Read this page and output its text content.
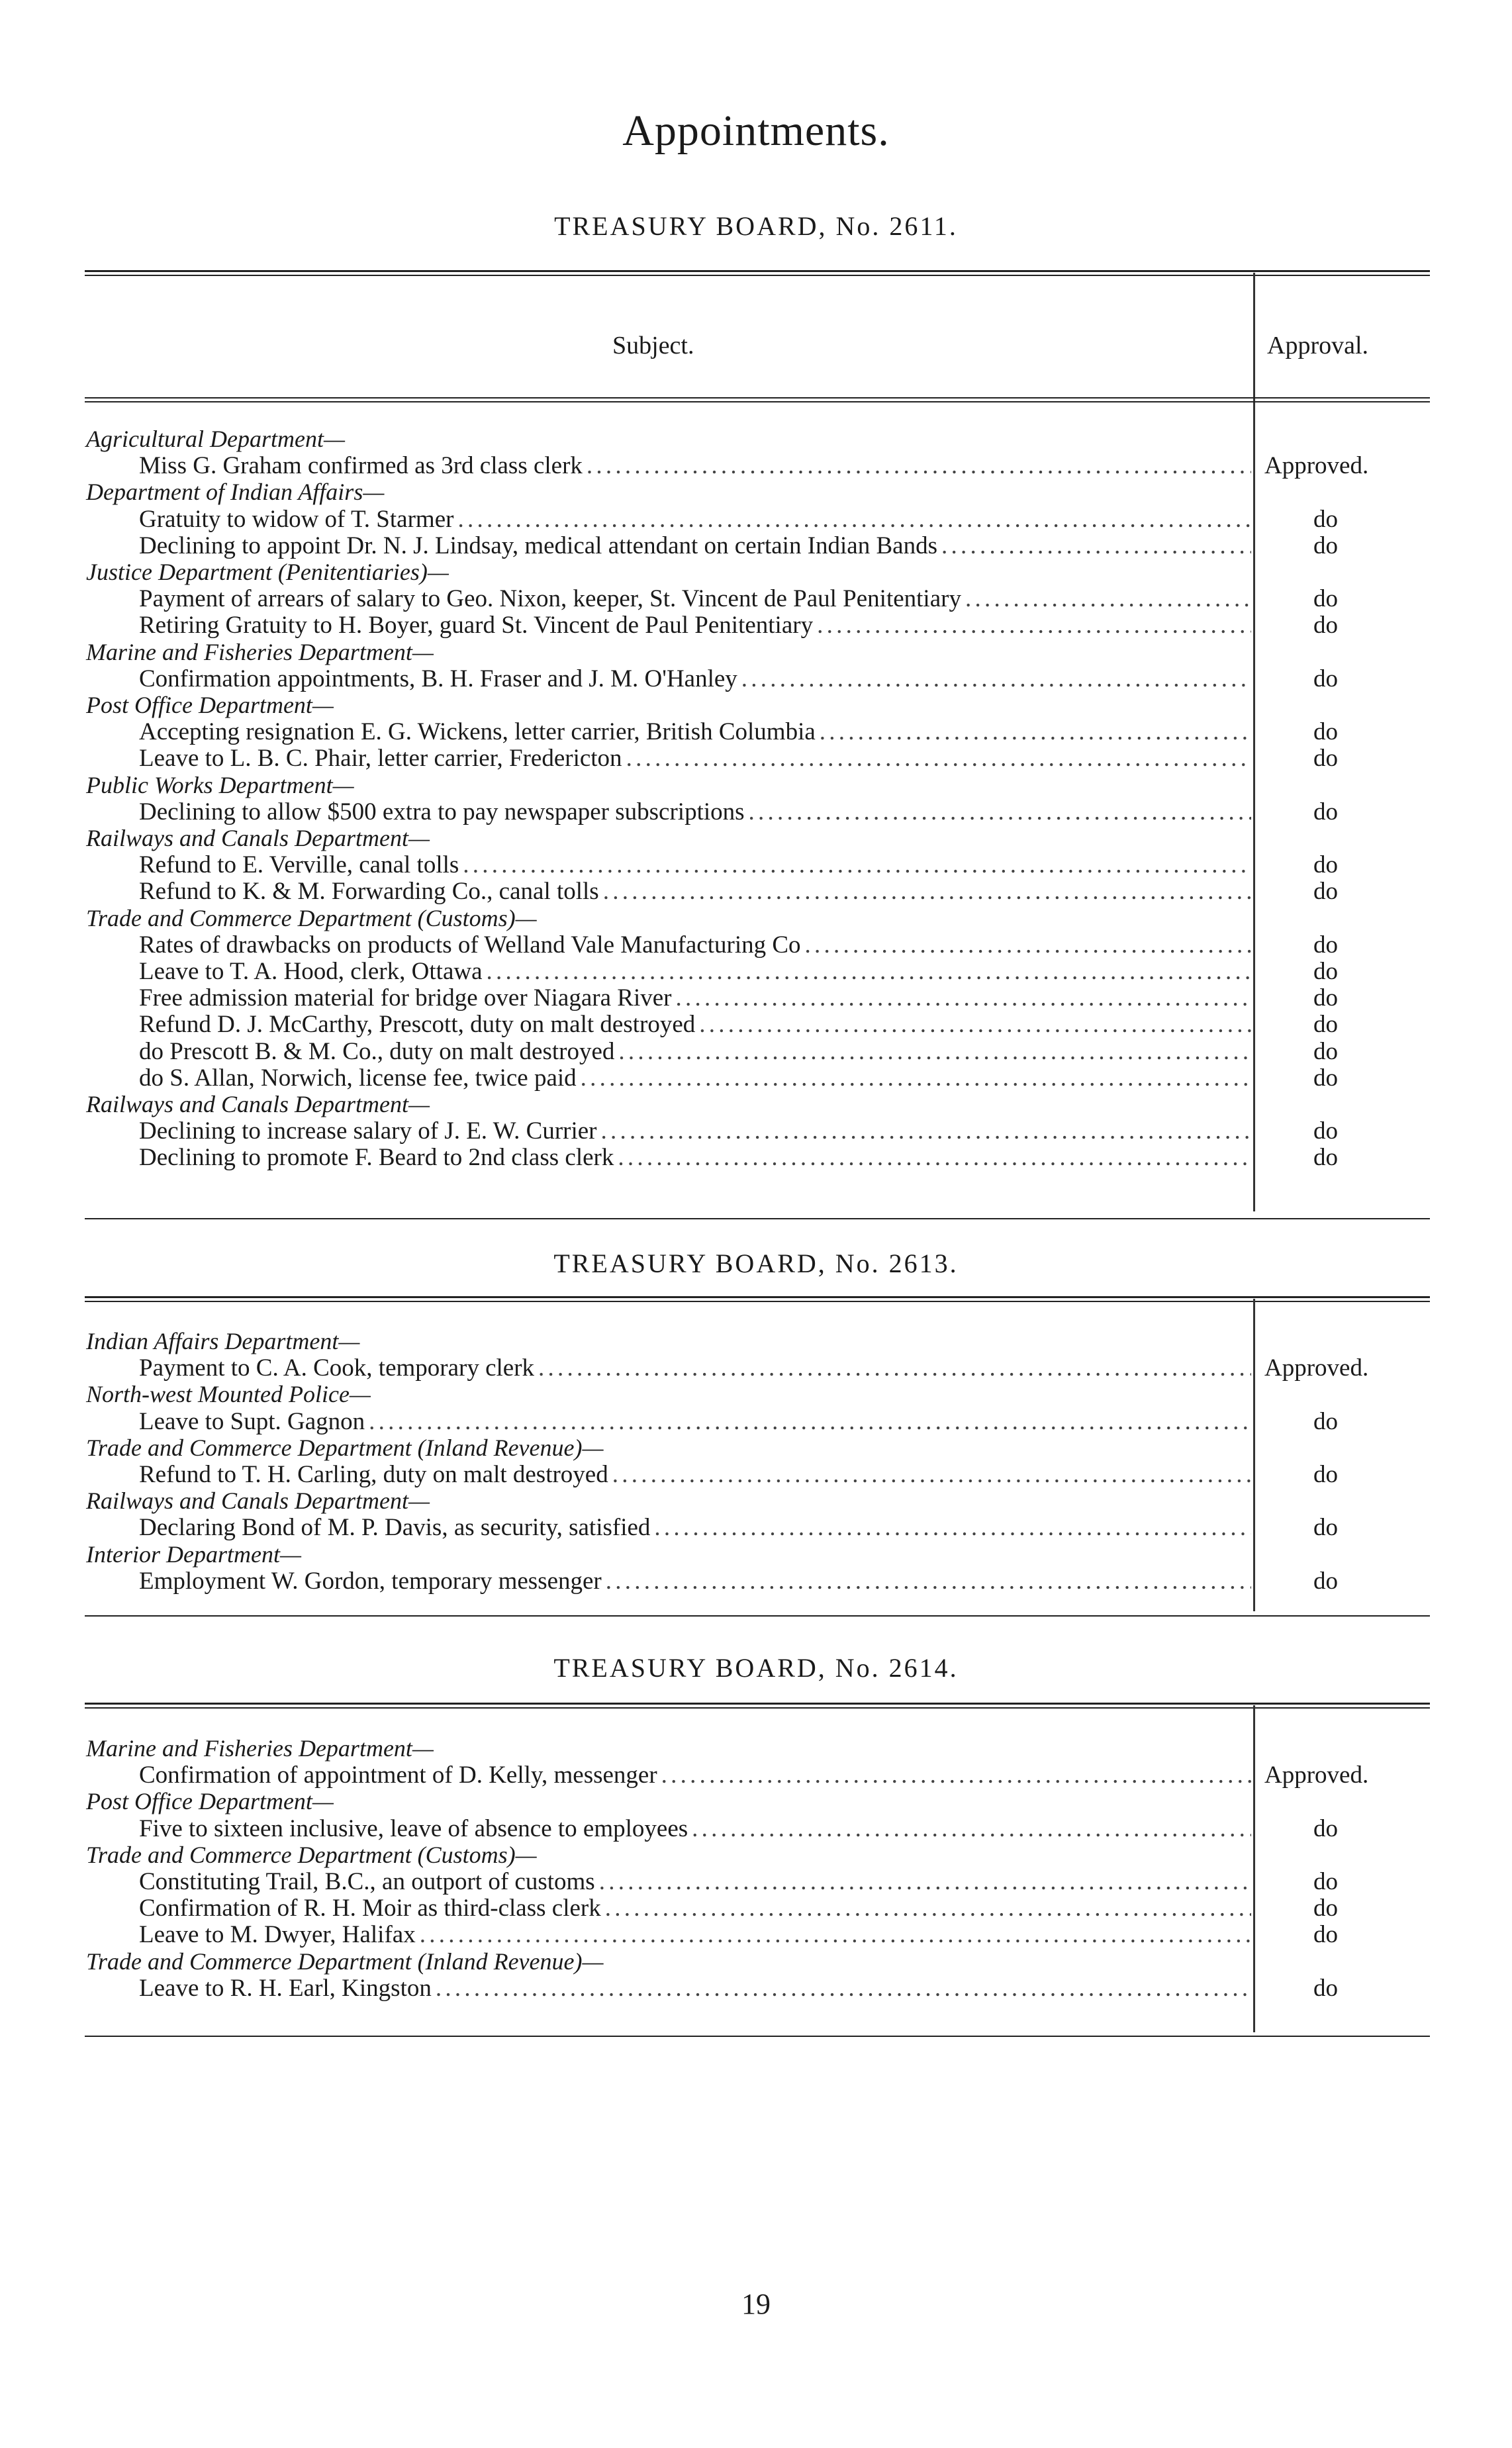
Appointments.
TREASURY BOARD, No. 2611.
Subject.	Approval.
Agricultural Department—
Miss G. Graham confirmed as 3rd class clerk . . .	Approved.
Department of Indian Affairs—
Gratuity to widow of T. Starmer . . .	do
Declining to appoint Dr. N. J. Lindsay, medical attendant on certain Indian Bands . . .	do
Justice Department (Penitentiaries)—
Payment of arrears of salary to Geo. Nixon, keeper, St. Vincent de Paul Penitentiary . . .	do
Retiring Gratuity to H. Boyer, guard St. Vincent de Paul Penitentiary . . .	do
Marine and Fisheries Department—
Confirmation appointments, B. H. Fraser and J. M. O'Hanley . . .	do
Post Office Department—
Accepting resignation E. G. Wickens, letter carrier, British Columbia . . .	do
Leave to L. B. C. Phair, letter carrier, Fredericton . . .	do
Public Works Department—
Declining to allow $500 extra to pay newspaper subscriptions . . .	do
Railways and Canals Department—
Refund to E. Verville, canal tolls . . .	do
Refund to K. & M. Forwarding Co., canal tolls . . .	do
Trade and Commerce Department (Customs)—
Rates of drawbacks on products of Welland Vale Manufacturing Co . . .	do
Leave to T. A. Hood, clerk, Ottawa . . .	do
Free admission material for bridge over Niagara River . . .	do
Refund D. J. McCarthy, Prescott, duty on malt destroyed . . .	do
do Prescott B. & M. Co., duty on malt destroyed . . .	do
do S. Allan, Norwich, license fee, twice paid . . .	do
Railways and Canals Department—
Declining to increase salary of J. E. W. Currier . . .	do
Declining to promote F. Beard to 2nd class clerk . . .	do
TREASURY BOARD, No. 2613.
Indian Affairs Department—
Payment to C. A. Cook, temporary clerk . . .	Approved.
North-west Mounted Police—
Leave to Supt. Gagnon . . .	do
Trade and Commerce Department (Inland Revenue)—
Refund to T. H. Carling, duty on malt destroyed . . .	do
Railways and Canals Department—
Declaring Bond of M. P. Davis, as security, satisfied . . .	do
Interior Department—
Employment W. Gordon, temporary messenger . . .	do
TREASURY BOARD, No. 2614.
Marine and Fisheries Department—
Confirmation of appointment of D. Kelly, messenger . . .	Approved.
Post Office Department—
Five to sixteen inclusive, leave of absence to employees . . .	do
Trade and Commerce Department (Customs)—
Constituting Trail, B.C., an outport of customs . . .	do
Confirmation of R. H. Moir as third-class clerk . . .	do
Leave to M. Dwyer, Halifax . . .	do
Trade and Commerce Department (Inland Revenue)—
Leave to R. H. Earl, Kingston . . .	do
19
